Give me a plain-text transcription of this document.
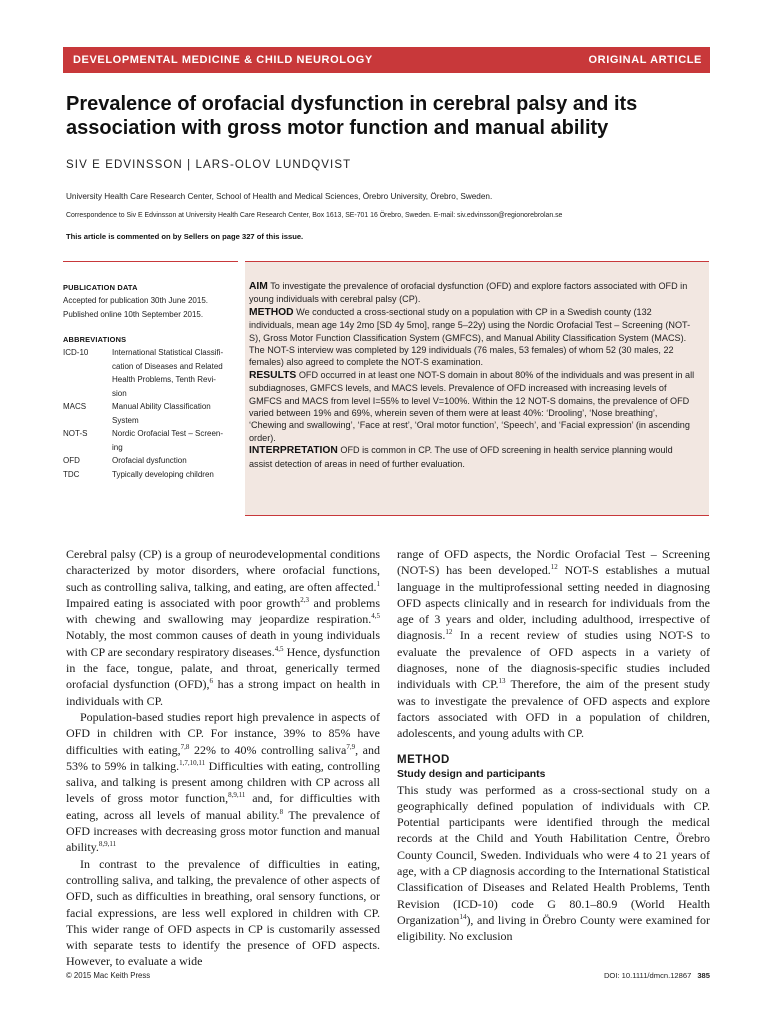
DEVELOPMENTAL MEDICINE & CHILD NEUROLOGY	ORIGINAL ARTICLE
Prevalence of orofacial dysfunction in cerebral palsy and its
association with gross motor function and manual ability
SIV E EDVINSSON | LARS-OLOV LUNDQVIST
University Health Care Research Center, School of Health and Medical Sciences, Örebro University, Örebro, Sweden.
Correspondence to Siv E Edvinsson at University Health Care Research Center, Box 1613, SE-701 16 Örebro, Sweden. E-mail: siv.edvinsson@regionorebrolan.se
This article is commented on by Sellers on page 327 of this issue.
PUBLICATION DATA
Accepted for publication 30th June 2015.
Published online 10th September 2015.
ABBREVIATIONS
ICD-10	International Statistical Classifi-
cation of Diseases and Related
Health Problems, Tenth Revi-
sion
MACS	Manual Ability Classification
System
NOT-S	Nordic Orofacial Test – Screen-
ing
OFD	Orofacial dysfunction
TDC	Typically developing children

AIM To investigate the prevalence of orofacial dysfunction (OFD) and explore factors associated with OFD in young individuals with cerebral palsy (CP).

METHOD We conducted a cross-sectional study on a population with CP in a Swedish county (132 individuals, mean age 14y 2mo [SD 4y 5mo], range 5–22y) using the Nordic Orofacial Test – Screening (NOT-S), Gross Motor Function Classification System (GMFCS), and Manual Ability Classification System (MACS). The NOT-S interview was completed by 129 individuals (76 males, 53 females) of whom 52 (30 males, 22 females) also agreed to complete the NOT-S examination.

RESULTS OFD occurred in at least one NOT-S domain in about 80% of the individuals and was present in all subdiagnoses, GMFCS levels, and MACS levels. Prevalence of OFD increased with increasing levels of GMFCS and MACS from level I=55% to level V=100%. Within the 12 NOT-S domains, the prevalence of OFD varied between 19% and 69%, wherein seven of them were at least 40%: ‘Drooling’, ‘Nose breathing’, ‘Chewing and swallowing’, ‘Face at rest’, ‘Oral motor function’, ‘Speech’, and ‘Facial expression’ (in ascending order).

INTERPRETATION OFD is common in CP. The use of OFD screening in health service planning would assist detection of areas in need of further evaluation.

Cerebral palsy (CP) is a group of neurodevelopmental conditions characterized by motor disorders, where orofacial functions, such as controlling saliva, talking, and eating, are often affected.$^1$ Impaired eating is associated with poor growth$^{2,3}$ and problems with chewing and swallowing may jeopardize respiration.$^{4,5}$ Notably, the most common causes of death in young individuals with CP are secondary respiratory diseases.$^{4,5}$ Hence, dysfunction in the face, tongue, palate, and throat, generically termed orofacial dysfunction (OFD),$^6$ has a strong impact on health in individuals with CP.

Population-based studies report high prevalence in aspects of OFD in children with CP. For instance, 39% to 85% have difficulties with eating,$^{7,8}$ 22% to 40% controlling saliva$^{7,9}$, and 53% to 59% in talking.$^{1,7,10,11}$ Difficulties with eating, controlling saliva, and talking is present among children with CP across all levels of gross motor function,$^{8,9,11}$ and, for difficulties with eating, across all levels of manual ability.$^8$ The prevalence of OFD increases with decreasing gross motor function and manual ability.$^{8,9,11}$

In contrast to the prevalence of difficulties in eating, controlling saliva, and talking, the prevalence of other aspects of OFD, such as difficulties in breathing, oral sensory functions, or facial expressions, are less well explored in children with CP. This wider range of OFD aspects in CP is customarily assessed with separate tests to identify the presence of OFD aspects. However, to evaluate a wide

range of OFD aspects, the Nordic Orofacial Test – Screening (NOT-S) has been developed.$^{12}$ NOT-S establishes a mutual language in the multiprofessional setting needed in diagnosing OFD aspects clinically and in research for individuals from the age of 3 years and older, including adulthood, irrespective of diagnosis.$^{12}$ In a recent review of studies using NOT-S to evaluate the prevalence of OFD aspects in a variety of diagnoses, none of the diagnosis-specific studies included individuals with CP.$^{13}$ Therefore, the aim of the present study was to investigate the prevalence of OFD aspects and explore factors associated with OFD in a population of children, adolescents, and young adults with CP.

METHOD
Study design and participants

This study was performed as a cross-sectional study on a geographically defined population of individuals with CP. Potential participants were identified through the medical records at the Child and Youth Habilitation Centre, Örebro County Council, Sweden. Individuals who were 4 to 21 years of age, with a CP diagnosis according to the International Statistical Classification of Diseases and Related Health Problems, Tenth Revision (ICD-10) code G 80.1–80.9 (World Health Organization$^{14}$), and living in Örebro County were examined for eligibility. No exclusion

© 2015 Mac Keith Press	DOI: 10.1111/dmcn.12867 385
